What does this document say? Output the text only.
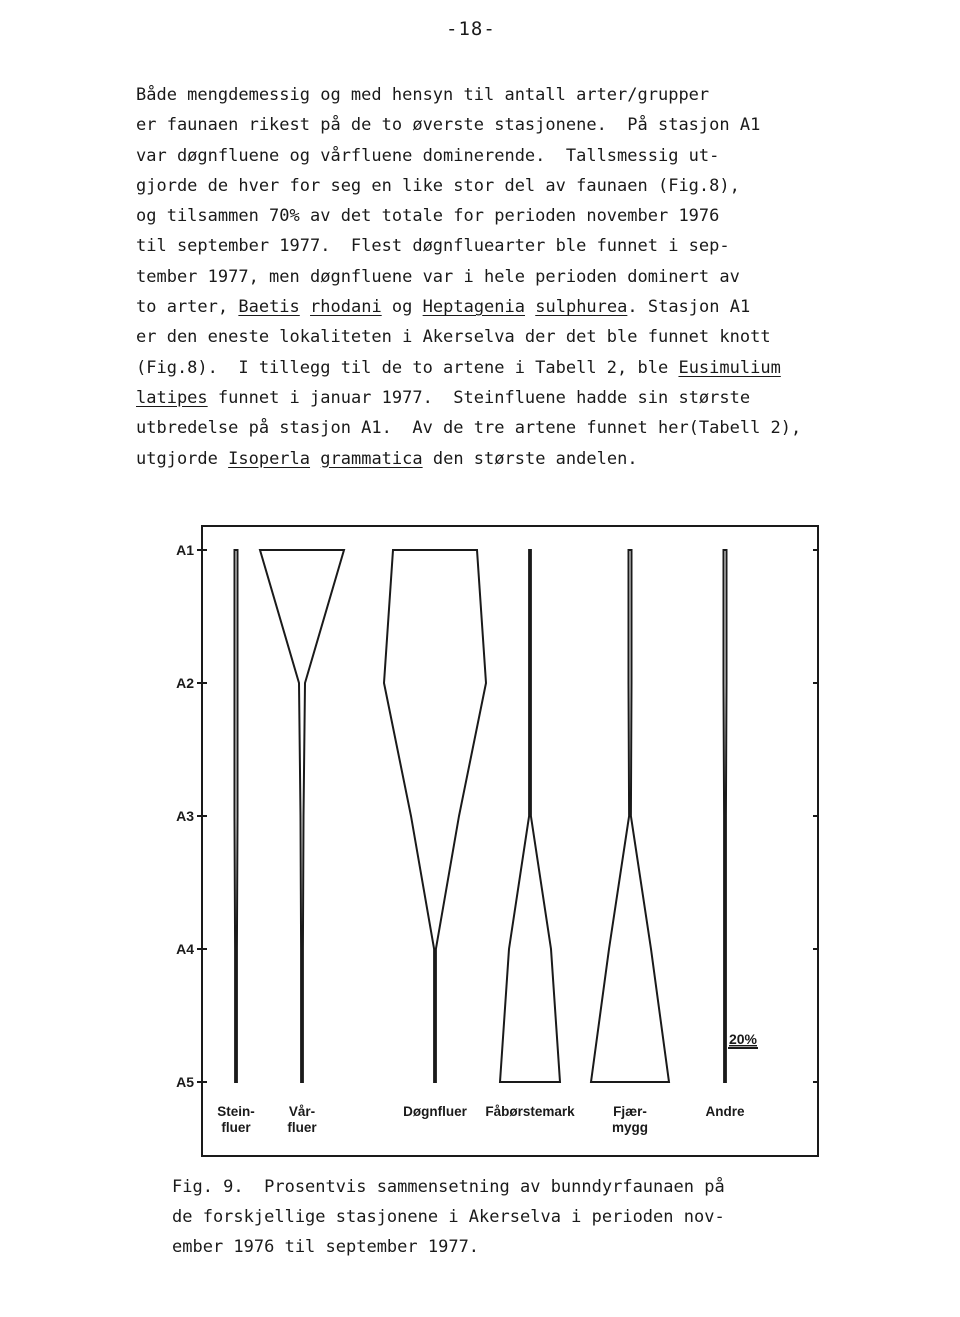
-18-
Både mengdemessig og med hensyn til antall arter/grupper
er faunaen rikest på de to øverste stasjonene.  På stasjon A1
var døgnfluene og vårfluene dominerende.  Tallsmessig ut-
gjorde de hver for seg en like stor del av faunaen (Fig.8),
og tilsammen 70% av det totale for perioden november 1976
til september 1977.  Flest døgnfluearter ble funnet i sep-
tember 1977, men døgnfluene var i hele perioden dominert av
to arter, Baetis rhodani og Heptagenia sulphurea. Stasjon A1
er den eneste lokaliteten i Akerselva der det ble funnet knott
(Fig.8).  I tillegg til de to artene i Tabell 2, ble Eusimulium
latipes funnet i januar 1977.  Steinfluene hadde sin største
utbredelse på stasjon A1.  Av de tre artene funnet her(Tabell 2),
utgjorde Isoperla grammatica den største andelen.
A1
A2
A3
A4
A5
Stein-
fluer
Vår-
fluer
Døgnfluer Fåbørstemark	Fjær-
mygg
Andre
20%
Fig. 9.  Prosentvis sammensetning av bunndyrfaunaen på
de forskjellige stasjonene i Akerselva i perioden nov-
ember 1976 til september 1977.
